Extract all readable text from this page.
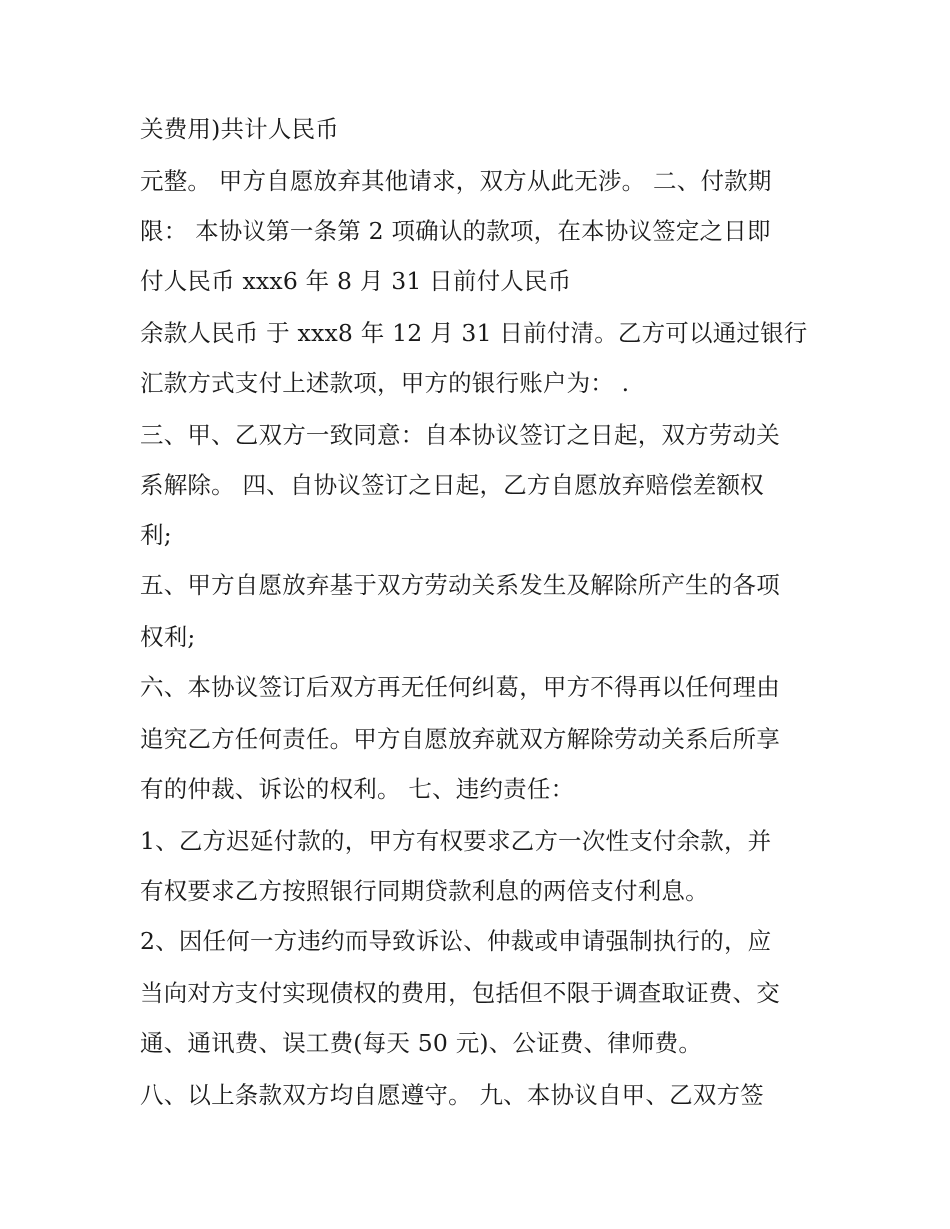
关费用)共计人民币
元整。 甲方自愿放弃其他请求，双方从此无涉。 二、付款期
限： 本协议第一条第 2 项确认的款项，在本协议签定之日即
付人民币 xxx6 年 8 月 31 日前付人民币
余款人民币 于 xxx8 年 12 月 31 日前付清。乙方可以通过银行
汇款方式支付上述款项，甲方的银行账户为： .
三、甲、乙双方一致同意：自本协议签订之日起，双方劳动关
系解除。 四、自协议签订之日起，乙方自愿放弃赔偿差额权
利;
五、甲方自愿放弃基于双方劳动关系发生及解除所产生的各项
权利;
六、本协议签订后双方再无任何纠葛，甲方不得再以任何理由
追究乙方任何责任。甲方自愿放弃就双方解除劳动关系后所享
有的仲裁、诉讼的权利。 七、违约责任：
1、乙方迟延付款的，甲方有权要求乙方一次性支付余款，并
有权要求乙方按照银行同期贷款利息的两倍支付利息。
2、因任何一方违约而导致诉讼、仲裁或申请强制执行的，应
当向对方支付实现债权的费用，包括但不限于调查取证费、交
通、通讯费、误工费(每天 50 元)、公证费、律师费。
八、以上条款双方均自愿遵守。 九、本协议自甲、乙双方签
